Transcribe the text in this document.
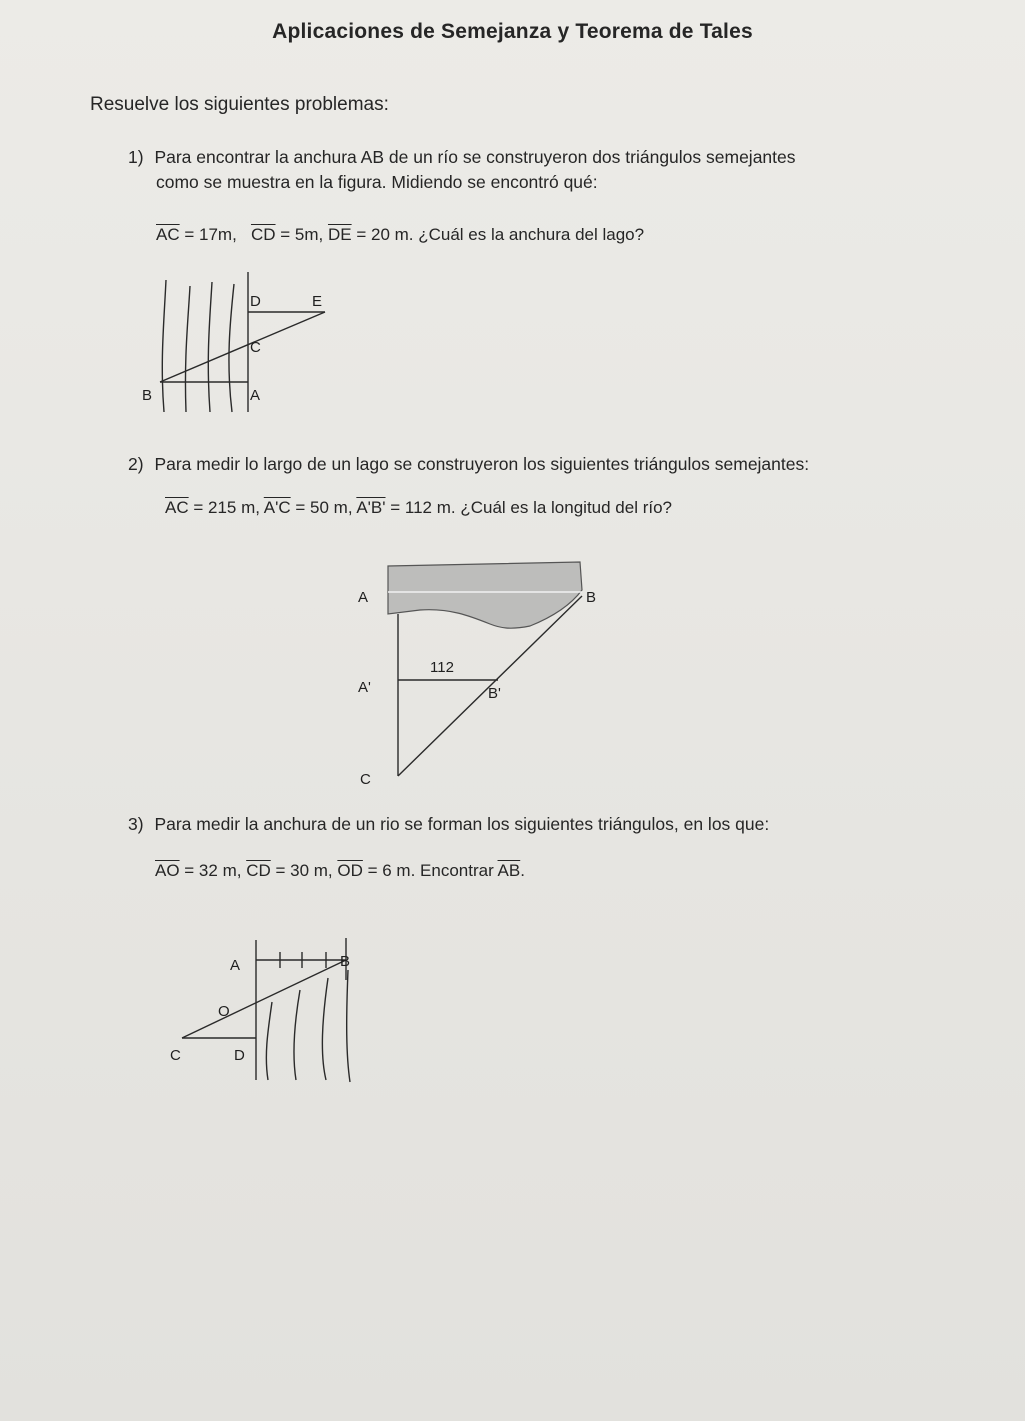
Aplicaciones de Semejanza y Teorema de Tales
Resuelve los siguientes problemas:
1) Para encontrar la anchura AB de un río se construyeron dos triángulos semejantes
como se muestra en la figura. Midiendo se encontró qué:
$\overline{AC} = 17m$, $\overline{CD} = 5m$, $\overline{DE} = 20$ m. ¿Cuál es la anchura del lago?
D	E
C
B	A
2) Para medir lo largo de un lago se construyeron los siguientes triángulos semejantes:
$\overline{AC} = 215$ m, A'C = 50 m, A'B' = 112 m. ¿Cuál es la longitud del río?
A	B
112
A'	B'
C
3) Para medir la anchura de un rio se forman los siguientes triángulos, en los que:
$\overline{AO} = 32$ m, $\overline{CD} = 30$ m, $\overline{OD} = 6$ m. Encontrar $\overline{AB}$.
A	B
O
C	D
